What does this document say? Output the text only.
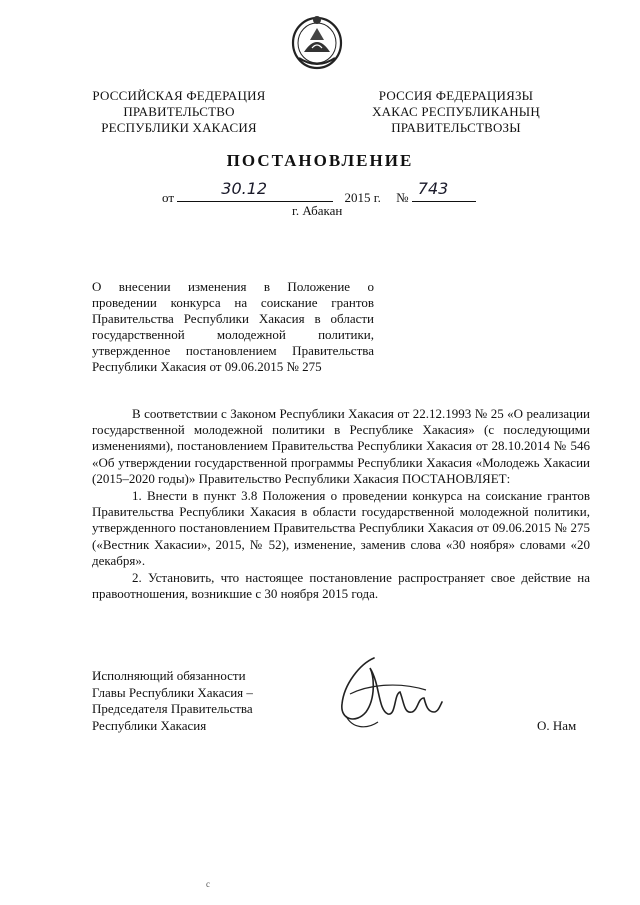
РОССИЙСКАЯ ФЕДЕРАЦИЯ
ПРАВИТЕЛЬСТВО
РЕСПУБЛИКИ ХАКАСИЯ
РОССИЯ ФЕДЕРАЦИЯЗЫ
ХАКАС РЕСПУБЛИКАНЫҢ
ПРАВИТЕЛЬСТВОЗЫ
ПОСТАНОВЛЕНИЕ
от	30.12	2015 г. № 743
г. Абакан

О внесении изменения в Положение о

проведении конкурса на соискание грантов

Правительства Республики Хакасия в области

государственной молодежной политики,

утвержденное постановлением Правительства

Республики Хакасия от 09.06.2015 № 275

В соответствии с Законом Республики Хакасия от 22.12.1993 № 25 «О реализации государственной молодежной политики в Республике Хакасия» (с последующими изменениями), постановлением Правительства Республики Хакасия от 28.10.2014 № 546 «Об утверждении государственной программы Республики Хакасия «Молодежь Хакасии (2015–2020 годы)» Правительство Республики Хакасия ПОСТАНОВЛЯЕТ:

1. Внести в пункт 3.8 Положения о проведении конкурса на соискание грантов Правительства Республики Хакасия в области государственной молодежной политики, утвержденного постановлением Правительства Республики Хакасия от 09.06.2015 № 275 («Вестник Хакасии», 2015, № 52), изменение, заменив слова «30 ноября» словами «20 декабря».

2. Установить, что настоящее постановление распространяет свое действие на правоотношения, возникшие с 30 ноября 2015 года.

Исполняющий обязанности
Главы Республики Хакасия –
Председателя Правительства
Республики Хакасия	О. Нам
с
